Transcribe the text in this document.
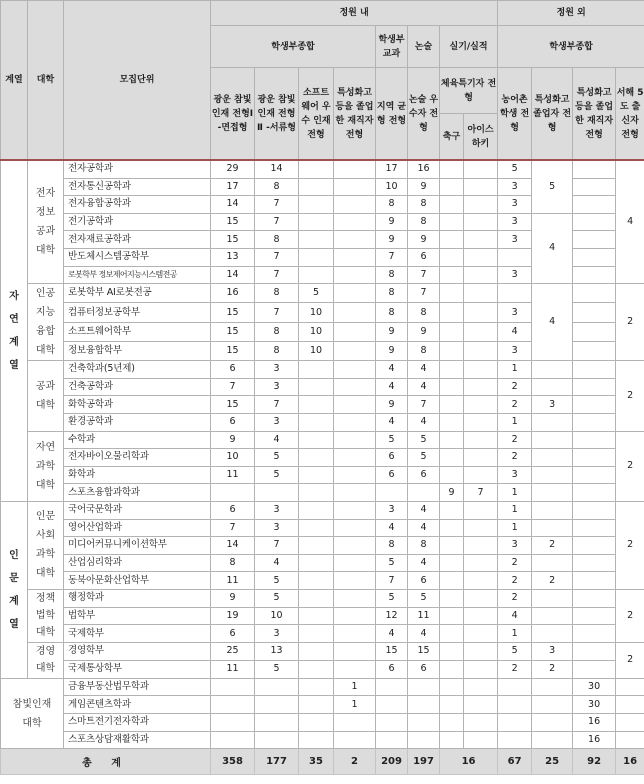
계열	대학	모집단위	정원 내								정원 외			
			학생부종합				학생부교과	논술	실기/실적		학생부종합			
			광운 참빛인재 전형Ⅰ -면접형	광운 참빛인재 전형Ⅱ -서류형	소프트 웨어 우수 인재 전형	특성화고 등을 졸업한 재직자 전형	지역 균형 전형	논술 우수자 전형	체육특기자 전형		농어촌 학생 전형	특성화고 졸업자 전형	특성화고 등을 졸업한 재직자 전형	서해 5도 출신자 전형
									축구	아이스 하키				
자연계열	전자정보공과대학	전자공학과	29	14			17	16			5	5		4
		전자통신공학과	17	8			10	9			3			
		전자융합공학과	14	7			8	8			3			
		전기공학과	15	7			9	8			3	4		
		전자재료공학과	15	8			9	9			3			
		반도체시스템공학부	13	7			7	6						
		로봇학부 정보제어지능시스템전공	14	7			8	7			3			
	인공지능융합대학	로봇학부 AI로봇전공	16	8	5		8	7				4		2
		컴퓨터정보공학부	15	7	10		8	8			3			
		소프트웨어학부	15	8	10		9	9			4			
		정보융합학부	15	8	10		9	8			3			
	공과대학	건축학과(5년제)	6	3			4	4			1			2
		건축공학과	7	3			4	4			2			
		화학공학과	15	7			9	7			2	3		
		환경공학과	6	3			4	4			1			
	자연과학대학	수학과	9	4			5	5			2			2
		전자바이오물리학과	10	5			6	5			2			
		화학과	11	5			6	6			3			
		스포츠융합과학과							9	7	1			
인문계열	인문사회과학대학	국어국문학과	6	3			3	4			1			2
		영어산업학과	7	3			4	4			1			
		미디어커뮤니케이션학부	14	7			8	8			3	2		
		산업심리학과	8	4			5	4			2			
		동북아문화산업학부	11	5			7	6			2	2		
	정책법학대학	행정학과	9	5			5	5			2			2
		법학부	19	10			12	11			4			
		국제학부	6	3			4	4			1			
	경영대학	경영학부	25	13			15	15			5	3		2
		국제통상학부	11	5			6	6			2	2		
참빛인재대학		금융부동산법무학과				1							30	
		게임콘텐츠학과				1							30	
		스마트전기전자학과											16	
		스포츠상담재활학과											16	
총 계			358	177	35	2	209	197	16		67	25	92	16
